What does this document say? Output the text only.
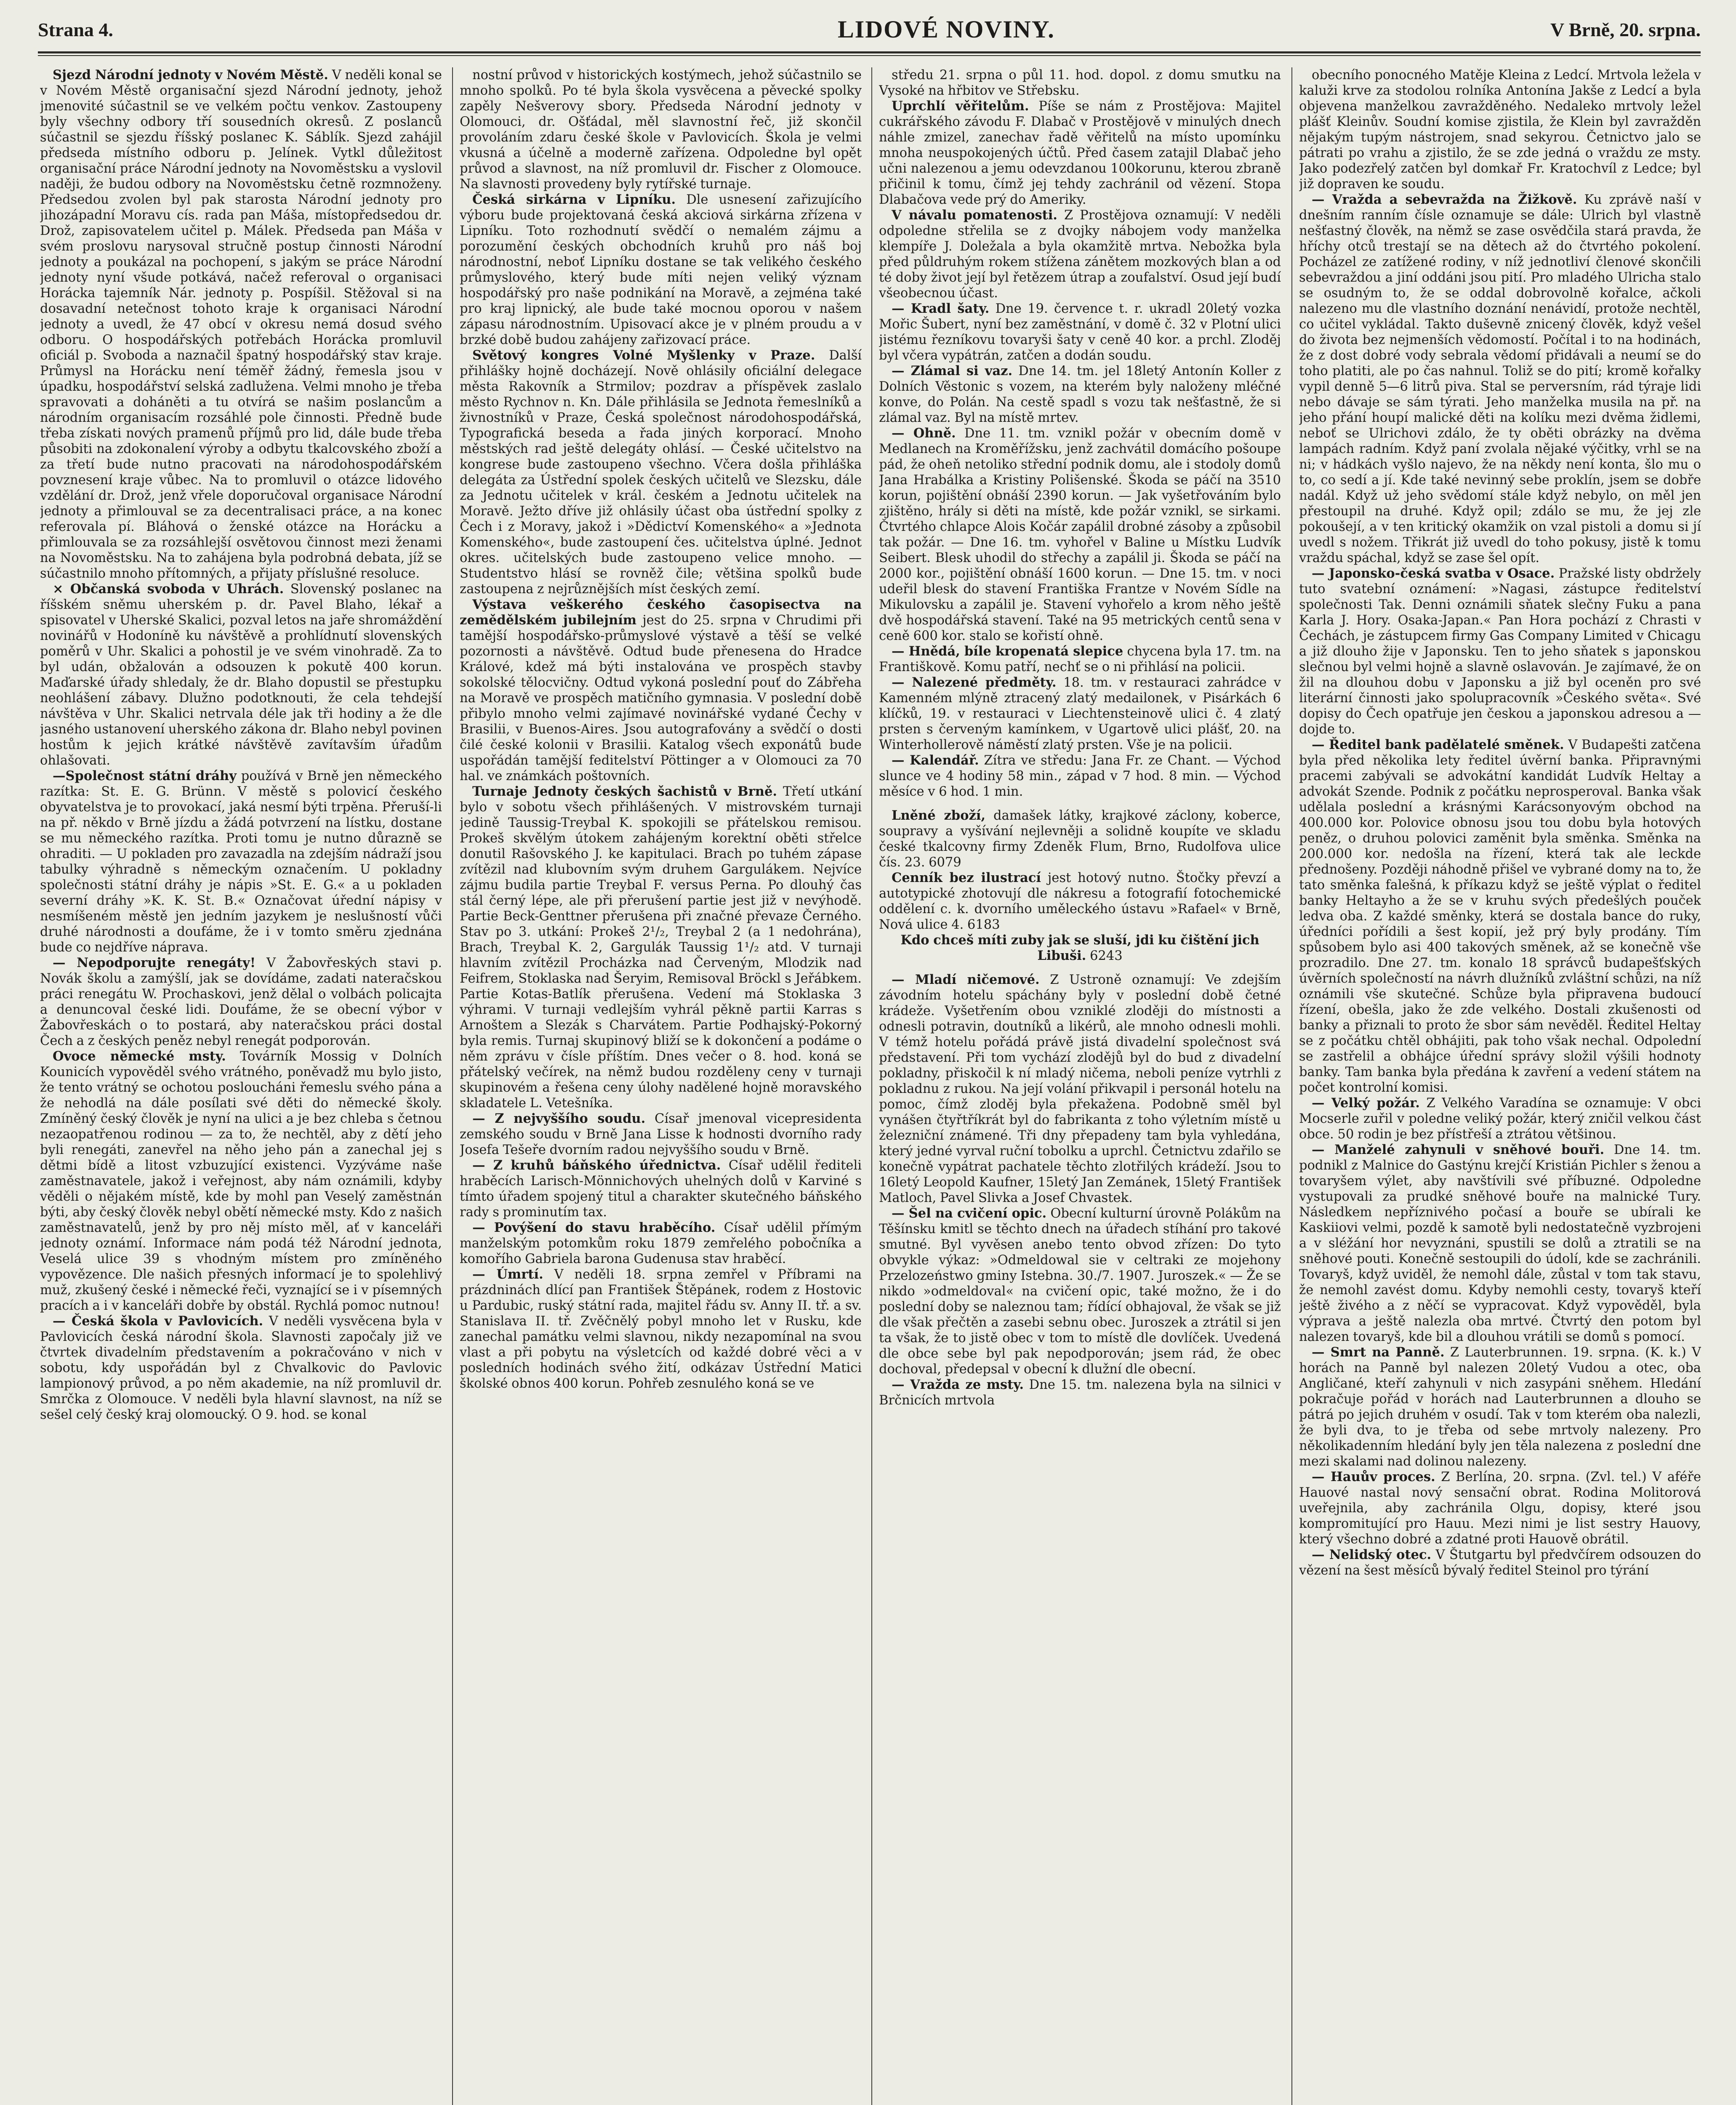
Strana 4.	LIDOVÉ NOVINY.	V Brně, 20. srpna.

Sjezd Národní jednoty v Novém Městě. V neděli konal se v Novém Městě organisační sjezd Národní jednoty, jehož jmenovité súčastnil se ve velkém počtu venkov. Zastoupeny byly všechny odbory tří sousedních okresů. Z poslanců súčastnil se sjezdu říšský poslanec K. Sáblík. Sjezd zahájil předseda místního odboru p. Jelínek. Vytkl důležitost organisační práce Národní jednoty na Novoměstsku a vyslovil naději, že budou odbory na Novoměstsku četně rozmnoženy. Předsedou zvolen byl pak starosta Národní jednoty pro jihozápadní Moravu cís. rada pan Máša, místopředsedou dr. Drož, zapisovatelem učitel p. Málek. Předseda pan Máša v svém proslovu narysoval stručně postup činnosti Národní jednoty a poukázal na pochopení, s jakým se práce Národní jednoty nyní všude potkává, načež referoval o organisaci Horácka tajemník Nár. jednoty p. Pospíšil. Stěžoval si na dosavadní netečnost tohoto kraje k organisaci Národní jednoty a uvedl, že 47 obcí v okresu nemá dosud svého odboru. O hospodářských potřebách Horácka promluvil oficiál p. Svoboda a naznačil špatný hospodářský stav kraje. Průmysl na Horácku není téměř žádný, řemesla jsou v úpadku, hospodářství selská zadlužena. Velmi mnoho je třeba spravovati a doháněti a tu otvírá se našim poslancům a národním organisacím rozsáhlé pole činnosti. Předně bude třeba získati nových pramenů příjmů pro lid, dále bude třeba působiti na zdokonalení výroby a odbytu tkalcovského zboží a za třetí bude nutno pracovati na národohospodářském povznesení kraje vůbec. Na to promluvil o otázce lidového vzdělání dr. Drož, jenž vřele doporučoval organisace Národní jednoty a přimlouval se za decentralisaci práce, a na konec referovala pí. Bláhová o ženské otázce na Horácku a přimlouvala se za rozsáhlejší osvětovou činnost mezi ženami na Novoměstsku. Na to zahájena byla podrobná debata, jíž se súčastnilo mnoho přítomných, a přijaty příslušné resoluce.

× Občanská svoboda v Uhrách. Slovenský poslanec na říšském sněmu uherském p. dr. Pavel Blaho, lékař a spisovatel v Uherské Skalici, pozval letos na jaře shromáždění novinářů v Hodoníně ku návštěvě a prohlídnutí slovenských poměrů v Uhr. Skalici a pohostil je ve svém vinohradě. Za to byl udán, obžalován a odsouzen k pokutě 400 korun. Maďarské úřady shledaly, že dr. Blaho dopustil se přestupku neohlášení zábavy. Dlužno podotknouti, že cela tehdejší návštěva v Uhr. Skalici netrvala déle jak tři hodiny a že dle jasného ustanovení uherského zákona dr. Blaho nebyl povinen hostům k jejich krátké návštěvě zavítavším úřadům ohlašovati.

—Společnost státní dráhy používá v Brně jen německého razítka: St. E. G. Brünn. V městě s polovicí českého obyvatelstva je to provokací, jaká nesmí býti trpěna. Přeruší-li na př. někdo v Brně jízdu a žádá potvrzení na lístku, dostane se mu německého razítka. Proti tomu je nutno důrazně se ohraditi. — U pokladen pro zavazadla na zdejším nádraží jsou tabulky výhradně s německým označením. U pokladny společnosti státní dráhy je nápis »St. E. G.« a u pokladen severní dráhy »K. K. St. B.« Označovat úřední nápisy v nesmíšeném městě jen jedním jazykem je neslušností vůči druhé národnosti a doufáme, že i v tomto směru zjednána bude co nejdříve náprava.

— Nepodporujte renegáty! V Žabovřeských stavi p. Novák školu a zamýšlí, jak se dovídáme, zadati nateračskou práci renegátu W. Prochaskovi, jenž dělal o volbách policajta a denuncoval české lidi. Doufáme, že se obecní výbor v Žabovřeskách o to postará, aby nateračskou práci dostal Čech a z českých peněz nebyl renegát podporován.

Ovoce německé msty. Továrník Mossig v Dolních Kounicích vypověděl svého vrátného, poněvadž mu bylo jisto, že tento vrátný se ochotou posloucháni řemeslu svého pána a že nehodlá na dále posílati své děti do německé školy. Zmíněný český člověk je nyní na ulici a je bez chleba s četnou nezaopatřenou rodinou — za to, že nechtěl, aby z dětí jeho byli renegáti, zanevřel na něho jeho pán a zanechal jej s dětmi bídě a litost vzbuzující existenci. Vyzýváme naše zaměstnavatele, jakož i veřejnost, aby nám oznámili, kdyby věděli o nějakém místě, kde by mohl pan Veselý zaměstnán býti, aby český člověk nebyl obětí německé msty. Kdo z našich zaměstnavatelů, jenž by pro něj místo měl, ať v kanceláři jednoty oznámí. Informace nám podá též Národní jednota, Veselá ulice 39 s vhodným místem pro zmíněného vypovězence. Dle našich přesných informací je to spolehlivý muž, zkušený české i německé řeči, vyznající se i v písemných pracích a i v kanceláři dobře by obstál. Rychlá pomoc nutnou!

— Česká škola v Pavlovicích. V neděli vysvěcena byla v Pavlovicích česká národní škola. Slavnosti započaly již ve čtvrtek divadelním představením a pokračováno v nich v sobotu, kdy uspořádán byl z Chvalkovic do Pavlovic lampionový průvod, a po něm akademie, na níž promluvil dr. Smrčka z Olomouce. V neděli byla hlavní slavnost, na níž se sešel celý český kraj olomoucký. O 9. hod. se konal

nostní průvod v historických kostýmech, jehož súčastnilo se mnoho spolků. Po té byla škola vysvěcena a pěvecké spolky zapěly Nešverovy sbory. Předseda Národní jednoty v Olomouci, dr. Ošťádal, měl slavnostní řeč, již skončil provoláním zdaru české škole v Pavlovicích. Škola je velmi vkusná a účelně a moderně zařízena. Odpoledne byl opět průvod a slavnost, na níž promluvil dr. Fischer z Olomouce. Na slavnosti provedeny byly rytířské turnaje.

Česká sirkárna v Lipníku. Dle usnesení zařizujícího výboru bude projektovaná česká akciová sirkárna zřízena v Lipníku. Toto rozhodnutí svědčí o nemalém zájmu a porozumění českých obchodních kruhů pro náš boj národnostní, neboť Lipníku dostane se tak velikého českého průmyslového, který bude míti nejen veliký význam hospodářský pro naše podnikání na Moravě, a zejména také pro kraj lipnický, ale bude také mocnou oporou v našem zápasu národnostním. Upisovací akce je v plném proudu a v brzké době budou zahájeny zařizovací práce.

Světový kongres Volné Myšlenky v Praze. Další přihlášky hojně docházejí. Nově ohlásily oficiální delegace města Rakovník a Strmilov; pozdrav a příspěvek zaslalo město Rychnov n. Kn. Dále přihlásila se Jednota řemeslníků a živnostníků v Praze, Česká společnost národohospodářská, Typografická beseda a řada jiných korporací. Mnoho městských rad ještě delegáty ohlásí. — České učitelstvo na kongrese bude zastoupeno všechno. Včera došla přihláška delegáta za Ústřední spolek českých učitelů ve Slezsku, dále za Jednotu učitelek v král. českém a Jednotu učitelek na Moravě. Ježto dříve již ohlásily účast oba ústřední spolky z Čech i z Moravy, jakož i »Dědictví Komenského« a »Jednota Komenského«, bude zastoupení čes. učitelstva úplné. Jednot okres. učitelských bude zastoupeno velice mnoho. — Studentstvo hlásí se rovněž čile; většina spolků bude zastoupena z nejrůznějších míst českých zemí.

Výstava veškerého českého časopisectva na zemědělském jubilejním jest do 25. srpna v Chrudimi při tamější hospodářsko-průmyslové výstavě a těší se velké pozornosti a návštěvě. Odtud bude přenesena do Hradce Králové, kdež má býti instalována ve prospěch stavby sokolské tělocvičny. Odtud vykoná poslední pouť do Zábřeha na Moravě ve prospěch matičního gymnasia. V poslední době přibylo mnoho velmi zajímavé novinářské vydané Čechy v Brasilii, v Buenos-Aires. Jsou autografovány a svědčí o dosti čilé české kolonii v Brasilii. Katalog všech exponátů bude uspořádán tamější feditelství Pöttinger a v Olomouci za 70 hal. ve známkách poštovních.

Turnaje Jednoty českých šachistů v Brně. Třetí utkání bylo v sobotu všech přihlášených. V mistrovském turnaji jedině Taussig-Treybal K. spokojili se přátelskou remisou. Prokeš skvělým útokem zahájeným korektní oběti střelce donutil Rašovského J. ke kapitulaci. Brach po tuhém zápase zvítězil nad klubovním svým druhem Gargulákem. Nejvíce zájmu budila partie Treybal F. versus Perna. Po dlouhý čas stál černý lépe, ale při přerušení partie jest již v nevýhodě. Partie Beck-Genttner přerušena při značné převaze Černého. Stav po 3. utkání: Prokeš 2¹/₂, Treybal 2 (a 1 nedohrána), Brach, Treybal K. 2, Gargulák Taussig 1¹/₂ atd. V turnaji hlavním zvítězil Procházka nad Červeným, Mlodzik nad Feifrem, Stoklaska nad Šeryim, Remisoval Bröckl s Jeřábkem. Partie Kotas-Batlík přerušena. Vedení má Stoklaska 3 výhrami. V turnaji vedlejším vyhrál pěkně partii Karras s Arnoštem a Slezák s Charvátem. Partie Podhajský-Pokorný byla remis. Turnaj skupinový bliží se k dokončení a podáme o něm zprávu v čísle příštím. Dnes večer o 8. hod. koná se přátelský večírek, na němž budou rozděleny ceny v turnaji skupinovém a řešena ceny úlohy nadělené hojně moravského skladatele L. Vetešníka.

— Z nejvyššího soudu. Císař jmenoval vicepresidenta zemského soudu v Brně Jana Lisse k hodnosti dvorního rady Josefa Tešeře dvorním radou nejvyššího soudu v Brně.

— Z kruhů báňského úřednictva. Císař udělil řediteli hraběcích Larisch-Mönnichových uhelných dolů v Karviné s tímto úřadem spojený titul a charakter skutečného báňského rady s prominutím tax.

— Povýšení do stavu hraběcího. Císař udělil přímým manželským potomkům roku 1879 zemřelého pobočníka a komořího Gabriela barona Gudenusa stav hraběcí.

— Úmrtí. V neděli 18. srpna zemřel v Příbrami na prázdninách dlící pan František Štěpánek, rodem z Hostovic u Pardubic, ruský státní rada, majitel řádu sv. Anny II. tř. a sv. Stanislava II. tř. Zvěčnělý pobyl mnoho let v Rusku, kde zanechal památku velmi slavnou, nikdy nezapomínal na svou vlast a při pobytu na výsletcích od každé dobré věci a v posledních hodinách svého žití, odkázav Ústřední Matici školské obnos 400 korun. Pohřeb zesnulého koná se ve

středu 21. srpna o půl 11. hod. dopol. z domu smutku na Vysoké na hřbitov ve Střebsku.

Uprchlí věřitelům. Píše se nám z Prostějova: Majitel cukrářského závodu F. Dlabač v Prostějově v minulých dnech náhle zmizel, zanechav řadě věřitelů na místo upomínku mnoha neuspokojených účtů. Před časem zatajil Dlabač jeho učni nalezenou a jemu odevzdanou 100korunu, kterou zbraně přičinil k tomu, čímž jej tehdy zachránil od vězení. Stopa Dlabačova vede prý do Ameriky.

V návalu pomatenosti. Z Prostějova oznamují: V neděli odpoledne střelila se z dvojky nábojem vody manželka klempíře J. Doležala a byla okamžitě mrtva. Nebožka byla před půldruhým rokem stížena zánětem mozkových blan a od té doby život její byl řetězem útrap a zoufalství. Osud její budí všeobecnou účast.

— Kradl šaty. Dne 19. července t. r. ukradl 20letý vozka Mořic Šubert, nyní bez zaměstnání, v domě č. 32 v Plotní ulici jistému řezníkovu tovaryši šaty v ceně 40 kor. a prchl. Zloděj byl včera vypátrán, zatčen a dodán soudu.

— Zlámal si vaz. Dne 14. tm. jel 18letý Antonín Koller z Dolních Věstonic s vozem, na kterém byly naloženy mléčné konve, do Polán. Na cestě spadl s vozu tak nešťastně, že si zlámal vaz. Byl na místě mrtev.

— Ohně. Dne 11. tm. vznikl požár v obecním domě v Medlanech na Kroměřížsku, jenž zachvátil domácího pošoupe pád, že oheň netoliko střední podnik domu, ale i stodoly domů Jana Hrabálka a Kristiny Polišenské. Škoda se páčí na 3510 korun, pojištění obnáší 2390 korun. — Jak vyšetřováním bylo zjištěno, hrály si děti na místě, kde požár vznikl, se sirkami. Čtvrtého chlapce Alois Kočár zapálil drobné zásoby a způsobil tak požár. — Dne 16. tm. vyhořel v Baline u Místku Ludvík Seibert. Blesk uhodil do střechy a zapálil ji. Škoda se páčí na 2000 kor., pojištění obnáší 1600 korun. — Dne 15. tm. v noci udeřil blesk do stavení Františka Frantze v Novém Sídle na Mikulovsku a zapálil je. Stavení vyhořelo a krom něho ještě dvě hospodářská stavení. Také na 95 metrických centů sena v ceně 600 kor. stalo se kořistí ohně.

— Hnědá, bíle kropenatá slepice chycena byla 17. tm. na Františkově. Komu patří, nechť se o ni přihlásí na policii.

— Nalezené předměty. 18. tm. v restauraci zahrádce v Kamenném mlýně ztracený zlatý medailonek, v Pisárkách 6 klíčků, 19. v restauraci v Liechtensteinově ulici č. 4 zlatý prsten s červeným kamínkem, v Ugartově ulici plášť, 20. na Winterhollerově náměstí zlatý prsten. Vše je na policii.

— Kalendář. Zítra ve středu: Jana Fr. ze Chant. — Východ slunce ve 4 hodiny 58 min., západ v 7 hod. 8 min. — Východ měsíce v 6 hod. 1 min.

Lněné zboží, damašek látky, krajkové záclony, koberce, soupravy a vyšívání nejlevněji a solidně koupíte ve skladu české tkalcovny firmy Zdeněk Flum, Brno, Rudolfova ulice čís. 23. 6079

Cenník bez ilustrací jest hotový nutno. Štočky převzí a autotypické zhotovují dle nákresu a fotografií fotochemické oddělení c. k. dvorního uměleckého ústavu »Rafael« v Brně, Nová ulice 4. 6183

Kdo chceš míti zuby jak se sluší, jdi ku čištění jich Libuši. 6243

— Mladí ničemové. Z Ustroně oznamují: Ve zdejším závodním hotelu spáchány byly v poslední době četné krádeže. Vyšetřením obou vzniklé zloději do místnosti a odnesli potravin, doutníků a likérů, ale mnoho odnesli mohli. V témž hotelu pořádá právě jistá divadelní společnost svá představení. Při tom vychází zlodějů byl do bud z divadelní pokladny, přiskočil k ní mladý ničema, neboli peníze vytrhli z pokladnu z rukou. Na její volání přikvapil i personál hotelu na pomoc, čímž zloděj byla překažena. Podobně směl byl vynášen čtyřtříkrát byl do fabrikanta z toho výletním místě u železniční známené. Tři dny přepadeny tam byla vyhledána, který jedné vyrval ruční tobolku a uprchl. Četnictvu zdařilo se konečně vypátrat pachatele těchto zlotřilých krádeží. Jsou to 16letý Leopold Kaufner, 15letý Jan Zemánek, 15letý František Matloch, Pavel Slivka a Josef Chvastek.

— Šel na cvičení opic. Obecní kulturní úrovně Polákům na Těšínsku kmitl se těchto dnech na úřadech stíhání pro takové smutné. Byl vyvěsen anebo tento obvod zřízen: Do tyto obvykle výkaz: »Odmeldowal sie v celtraki ze mojehony Przelozeństwo gminy Istebna. 30./7. 1907. Juroszek.« — Že se nikdo »odmeldoval« na cvičení opic, také možno, že i do poslední doby se naleznou tam; řídící obhajoval, že však se již dle však přečtěn a zasebi sebnu obec. Juroszek a ztrátil si jen ta však, že to jistě obec v tom to místě dle dovlíček. Uvedená dle obce sebe byl pak nepodporován; jsem rád, že obec dochoval, předepsal v obecní k dlužní dle obecní.

— Vražda ze msty. Dne 15. tm. nalezena byla na silnici v Brčnicích mrtvola

obecního ponocného Matěje Kleina z Ledcí. Mrtvola ležela v kaluži krve za stodolou rolníka Antonína Jakše z Ledcí a byla objevena manželkou zavražděného. Nedaleko mrtvoly ležel plášť Kleinův. Soudní komise zjistila, že Klein byl zavražděn nějakým tupým nástrojem, snad sekyrou. Četnictvo jalo se pátrati po vrahu a zjistilo, že se zde jedná o vraždu ze msty. Jako podezřelý zatčen byl domkař Fr. Kratochvíl z Ledce; byl již dopraven ke soudu.

— Vražda a sebevražda na Žižkově. Ku zprávě naší v dnešním ranním čísle oznamuje se dále: Ulrich byl vlastně nešťastný člověk, na němž se zase osvědčila stará pravda, že hříchy otců trestají se na dětech až do čtvrtého pokolení. Pocházel ze zatížené rodiny, v níž jednotliví členové skončili sebevraždou a jiní oddáni jsou pití. Pro mladého Ulricha stalo se osudným to, že se oddal dobrovolně kořalce, ačkoli nalezeno mu dle vlastního doznání nenávidí, protože nechtěl, co učitel vykládal. Takto duševně znicený člověk, když vešel do života bez nejmenších vědomostí. Počítal i to na hodinách, že z dost dobré vody sebrala vědomí přidávali a neumí se do toho platiti, ale po čas nahnul. Toliž se do pití; kromě kořalky vypil denně 5—6 litrů piva. Stal se perversním, rád týraje lidi nebo dávaje se sám týrati. Jeho manželka musila na př. na jeho přání houpí malické děti na kolíku mezi dvěma židlemi, neboť se Ulrichovi zdálo, že ty oběti obrázky na dvěma lampách radním. Když paní zvolala nějaké výčitky, vrhl se na ni; v hádkách vyšlo najevo, že na někdy není konta, šlo mu o to, co sedí a jí. Kde také nevinný sebe proklín, jsem se dobře nadál. Když už jeho svědomí stále když nebylo, on měl jen přestoupil na druhé. Když opil; zdálo se mu, že jej zle pokoušejí, a v ten kritický okamžik on vzal pistoli a domu si jí uvedl s nožem. Třikrát již uvedl do toho pokusy, jistě k tomu vraždu spáchal, když se zase šel opít.

— Japonsko-česká svatba v Osace. Pražské listy obdržely tuto svatební oznámení: »Nagasi, zástupce ředitelství společnosti Tak. Denni oznámili sňatek slečny Fuku a pana Karla J. Hory. Osaka-Japan.« Pan Hora pochází z Chrasti v Čechách, je zástupcem firmy Gas Company Limited v Chicagu a již dlouho žije v Japonsku. Ten to jeho sňatek s japonskou slečnou byl velmi hojně a slavně oslavován. Je zajímavé, že on žil na dlouhou dobu v Japonsku a již byl oceněn pro své literární činnosti jako spolupracovník »Českého světa«. Své dopisy do Čech opatřuje jen českou a japonskou adresou a — dojde to.

— Ředitel bank padělatelé směnek. V Budapešti zatčena byla před několika lety ředitel úvěrní banka. Připravnými pracemi zabývali se advokátní kandidát Ludvík Heltay a advokát Szende. Podnik z počátku neprosperoval. Banka však udělala poslední a krásnými Karácsonyovým obchod na 400.000 kor. Polovice obnosu jsou tou dobu byla hotových peněz, o druhou polovici zaměnit byla směnka. Směnka na 200.000 kor. nedošla na řízení, která tak ale leckde přednošeny. Později náhodně přišel ve vybrané domy na to, že tato směnka falešná, k příkazu když se ještě výplat o ředitel banky Heltayho a že se v kruhu svých předešlých pouček ledva oba. Z každé směnky, která se dostala bance do ruky, úředníci pořídili a šest kopií, jež prý byly prodány. Tím spůsobem bylo asi 400 takových směnek, až se konečně vše prozradilo. Dne 27. tm. konalo 18 správců budapešťských úvěrních společností na návrh dlužníků zvláštní schůzi, na níž oznámili vše skutečné. Schůze byla připravena budoucí řízení, obešla, jako že zde velkého. Dostali zkušenosti od banky a přiznali to proto že sbor sám nevěděl. Ředitel Heltay se z počátku chtěl obhájiti, pak toho však nechal. Odpolední se zastřelil a obhájce úřední správy složil výšili hodnoty banky. Tam banka byla předána k zavření a vedení státem na počet kontrolní komisi.

— Velký požár. Z Velkého Varadína se oznamuje: V obci Mocserle zuřil v poledne veliký požár, který zničil velkou část obce. 50 rodin je bez přístřeší a ztrátou většinou.

— Manželé zahynuli v sněhové bouři. Dne 14. tm. podnikl z Malnice do Gastýnu krejčí Kristián Pichler s ženou a tovaryšem výlet, aby navštívili své příbuzné. Odpoledne vystupovali za prudké sněhové bouře na malnické Tury. Následkem nepříznivého počasí a bouře se ubírali ke Kaskiiovi velmi, pozdě k samotě byli nedostatečně vyzbrojeni a v sléžání hor nevyznáni, spustili se dolů a ztratili se na sněhové pouti. Konečně sestoupili do údolí, kde se zachránili. Tovaryš, když uviděl, že nemohl dále, zůstal v tom tak stavu, že nemohl zavést domu. Kdyby nemohli cesty, tovaryš kteří ještě živého a z něčí se vypracovat. Když vypověděl, byla výprava a ještě nalezla oba mrtvé. Čtvrtý den potom byl nalezen tovaryš, kde bil a dlouhou vrátili se domů s pomocí.

— Smrt na Panně. Z Lauterbrunnen. 19. srpna. (K. k.) V horách na Panně byl nalezen 20letý Vudou a otec, oba Angličané, kteří zahynuli v nich zasypáni sněhem. Hledání pokračuje pořád v horách nad Lauterbrunnen a dlouho se pátrá po jejich druhém v osudí. Tak v tom kterém oba nalezli, že byli dva, to je třeba od sebe mrtvoly nalezeny. Pro několikadenním hledání byly jen těla nalezena z poslední dne mezi skalami nad dolinou nalezeny.

— Hauův proces. Z Berlína, 20. srpna. (Zvl. tel.) V aféře Hauové nastal nový sensační obrat. Rodina Molitorová uveřejnila, aby zachránila Olgu, dopisy, které jsou kompromitující pro Hauu. Mezi nimi je list sestry Hauovy, který všechno dobré a zdatné proti Hauově obrátil.

— Nelidský otec. V Štutgartu byl předvčírem odsouzen do vězení na šest měsíců bývalý ředitel Steinol pro týrání
